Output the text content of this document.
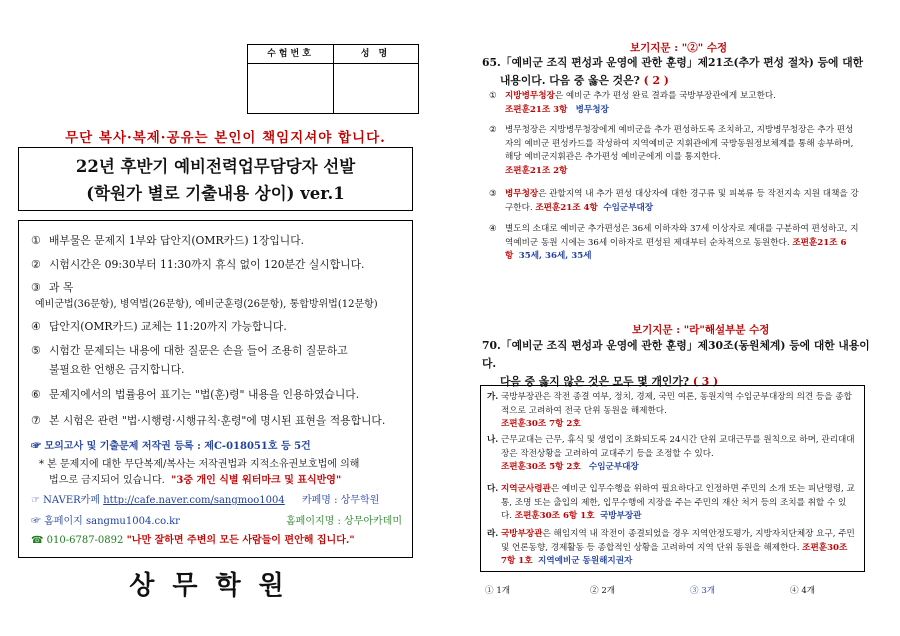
수험번호	성 명
무단 복사·복제·공유는 본인이 책임지셔야 합니다.
22년 후반기 예비전력업무담당자 선발
(학원가 별로 기출내용 상이) ver.1
① 배부물은 문제지 1부와 답안지(OMR카드) 1장입니다.
② 시험시간은 09:30부터 11:30까지 휴식 없이 120분간 실시합니다.
③ 과 목
예비군법(36문항), 병역법(26문항), 예비군훈령(26문항), 통합방위법(12문항)
④ 답안지(OMR카드) 교체는 11:20까지 가능합니다.
⑤ 시험간 문제되는 내용에 대한 질문은 손을 들어 조용히 질문하고
불필요한 언행은 금지합니다.
⑥ 문제지에서의 법률용어 표기는 "법(훈)령" 내용을 인용하였습니다.
⑦ 본 시험은 관련 "법·시행령·시행규칙·훈령"에 명시된 표현을 적용합니다.
☞ 모의고사 및 기출문제 저작권 등록 : 제C-018051호 등 5건
* 본 문제지에 대한 무단복제/복사는 저작권법과 지적소유권보호법에 의해
법으로 금지되어 있습니다. "3중 개인 식별 워터마크 및 표식반영"
☞ NAVER카페 http://cafe.naver.com/sangmoo1004 카페명 : 상무학원
☞ 홈페이지 sangmu1004.co.kr	홈페이지명 : 상무아카데미
☎ 010-6787-0892 "나만 잘하면 주변의 모든 사람들이 편안해 집니다."
상무학원
보기지문 : "②" 수정
65.「예비군 조직 편성과 운영에 관한 훈령」제21조(추가 편성 절차) 등에 대한
내용이다. 다음 중 옳은 것은? ( 2 )
① 지방병무청장은 예비군 추가 편성 완료 결과를 국방부장관에게 보고한다.
조편훈21조 3항 병무청장
② 병무청장은 지방병무청장에게 예비군을 추가 편성하도록 조치하고, 지방병무청장은 추가 편성자의 예비군 편성카드를 작성하여 지역예비군 지휘관에게 국방동원정보체계를 통해 송부하며, 해당 예비군지휘관은 추가편성 예비군에게 이를 통지한다.
조편훈21조 2항
③ 병무청장은 관할지역 내 추가 편성 대상자에 대한 경구류 및 피복류 등 작전지속 지원 대책을 강구한다. 조편훈21조 4항 수임군부대장
④ 별도의 소대로 예비군 추가편성은 36세 이하자와 37세 이상자로 제대를 구분하여 편성하고, 지역예비군 동원 시에는 36세 이하자로 편성된 제대부터 순차적으로 동원한다. 조편훈21조 6항 35세, 36세, 35세
보기지문 : "라"해설부분 수정
70.「예비군 조직 편성과 운영에 관한 훈령」제30조(동원체계) 등에 대한 내용이다.
다음 중 옳지 않은 것은 모두 몇 개인가? ( 3 )
가. 국방부장관은 작전 종결 여부, 정치, 경제, 국민 여론, 동원지역 수임군부대장의 의견 등을 종합적으로 고려하여 전국 단위 동원을 해제한다.
조편훈30조 7항 2호
나. 근무교대는 근무, 휴식 및 생업이 조화되도록 24시간 단위 교대근무를 원칙으로 하며, 관리대대장은 작전상황을 고려하여 교대주기 등을 조정할 수 있다.
조편훈30조 5항 2호 수임군부대장
다. 지역군사령관은 예비군 입무수행을 위하여 필요하다고 인정하면 주민의 소개 또는 피난명령, 교통, 조명 또는 출입의 제한, 입무수행에 지장을 주는 주민의 재산 처거 등의 조치를 취할 수 있다. 조편훈30조 6항 1호 국방부장관
라. 국방부장관은 해임지역 내 작전이 종결되었을 경우 지역안정도평가, 지방자치단체장 요구, 주민 및 언론동향, 경제활동 등 종합적인 상황을 고려하여 지역 단위 동원을 해제한다. 조편훈30조 7항 1호 지역예비군 동원해지권자
① 1개	② 2개	③ 3개	④ 4개
